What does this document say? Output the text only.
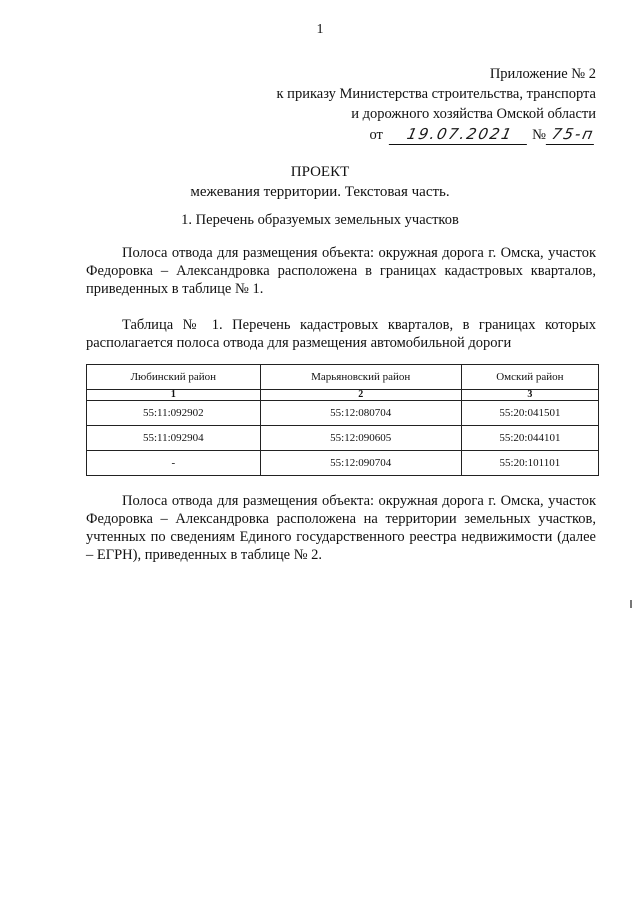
1
Приложение № 2
к приказу Министерства строительства, транспорта
и дорожного хозяйства Омской области
от 19.07.2021 № 75-п
ПРОЕКТ
межевания территории. Текстовая часть.
1. Перечень образуемых земельных участков

Полоса отвода для размещения объекта: окружная дорога г. Омска, участок Федоровка – Александровка расположена в границах кадастровых кварталов, приведенных в таблице № 1.

Таблица № 1. Перечень кадастровых кварталов, в границах которых располагается полоса отвода для размещения автомобильной дороги

Любинский район	Марьяновский район	Омский район
1	2	3
55:11:092902	55:12:080704	55:20:041501
55:11:092904	55:12:090605	55:20:044101
-	55:12:090704	55:20:101101

Полоса отвода для размещения объекта: окружная дорога г. Омска, участок Федоровка – Александровка расположена на территории земельных участков, учтенных по сведениям Единого государственного реестра недвижимости (далее – ЕГРН), приведенных в таблице № 2.
